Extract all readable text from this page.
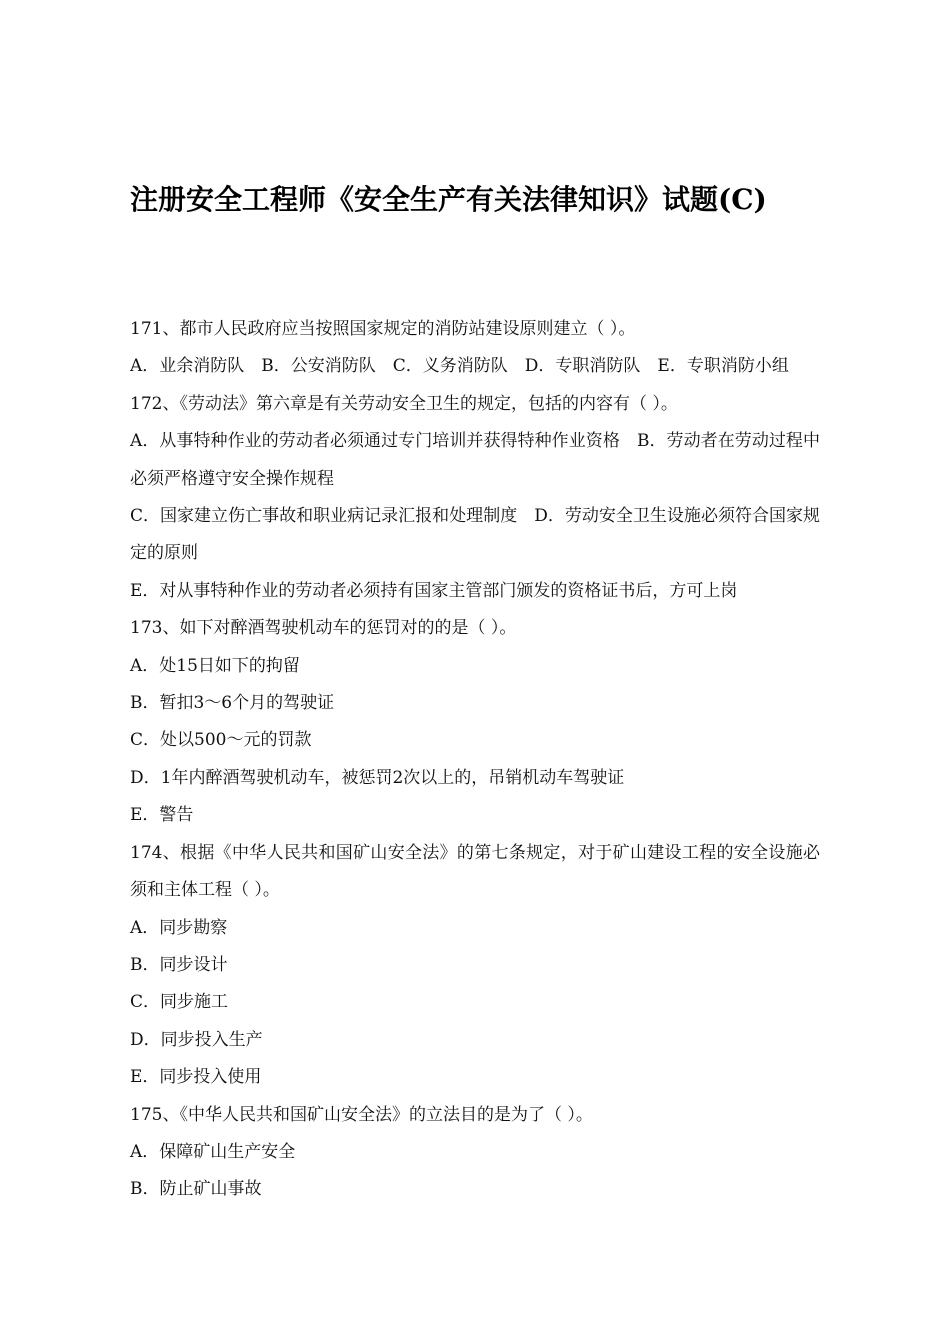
注册安全工程师《安全生产有关法律知识》试题(C)

171、都市人民政府应当按照国家规定的消防站建设原则建立（ ）。

A．业余消防队　B．公安消防队　C．义务消防队　D．专职消防队　E．专职消防小组

172、《劳动法》第六章是有关劳动安全卫生的规定，包括的内容有（ ）。

A．从事特种作业的劳动者必须通过专门培训并获得特种作业资格　B．劳动者在劳动过程中必须严格遵守安全操作规程

C．国家建立伤亡事故和职业病记录汇报和处理制度　D．劳动安全卫生设施必须符合国家规定的原则

E．对从事特种作业的劳动者必须持有国家主管部门颁发的资格证书后，方可上岗

173、如下对醉酒驾驶机动车的惩罚对的的是（ ）。

A．处15日如下的拘留

B．暂扣3～6个月的驾驶证

C．处以500～元的罚款

D．1年内醉酒驾驶机动车，被惩罚2次以上的，吊销机动车驾驶证

E．警告

174、根据《中华人民共和国矿山安全法》的第七条规定，对于矿山建设工程的安全设施必须和主体工程（ ）。

A．同步勘察

B．同步设计

C．同步施工

D．同步投入生产

E．同步投入使用

175、《中华人民共和国矿山安全法》的立法目的是为了（ ）。

A．保障矿山生产安全

B．防止矿山事故
